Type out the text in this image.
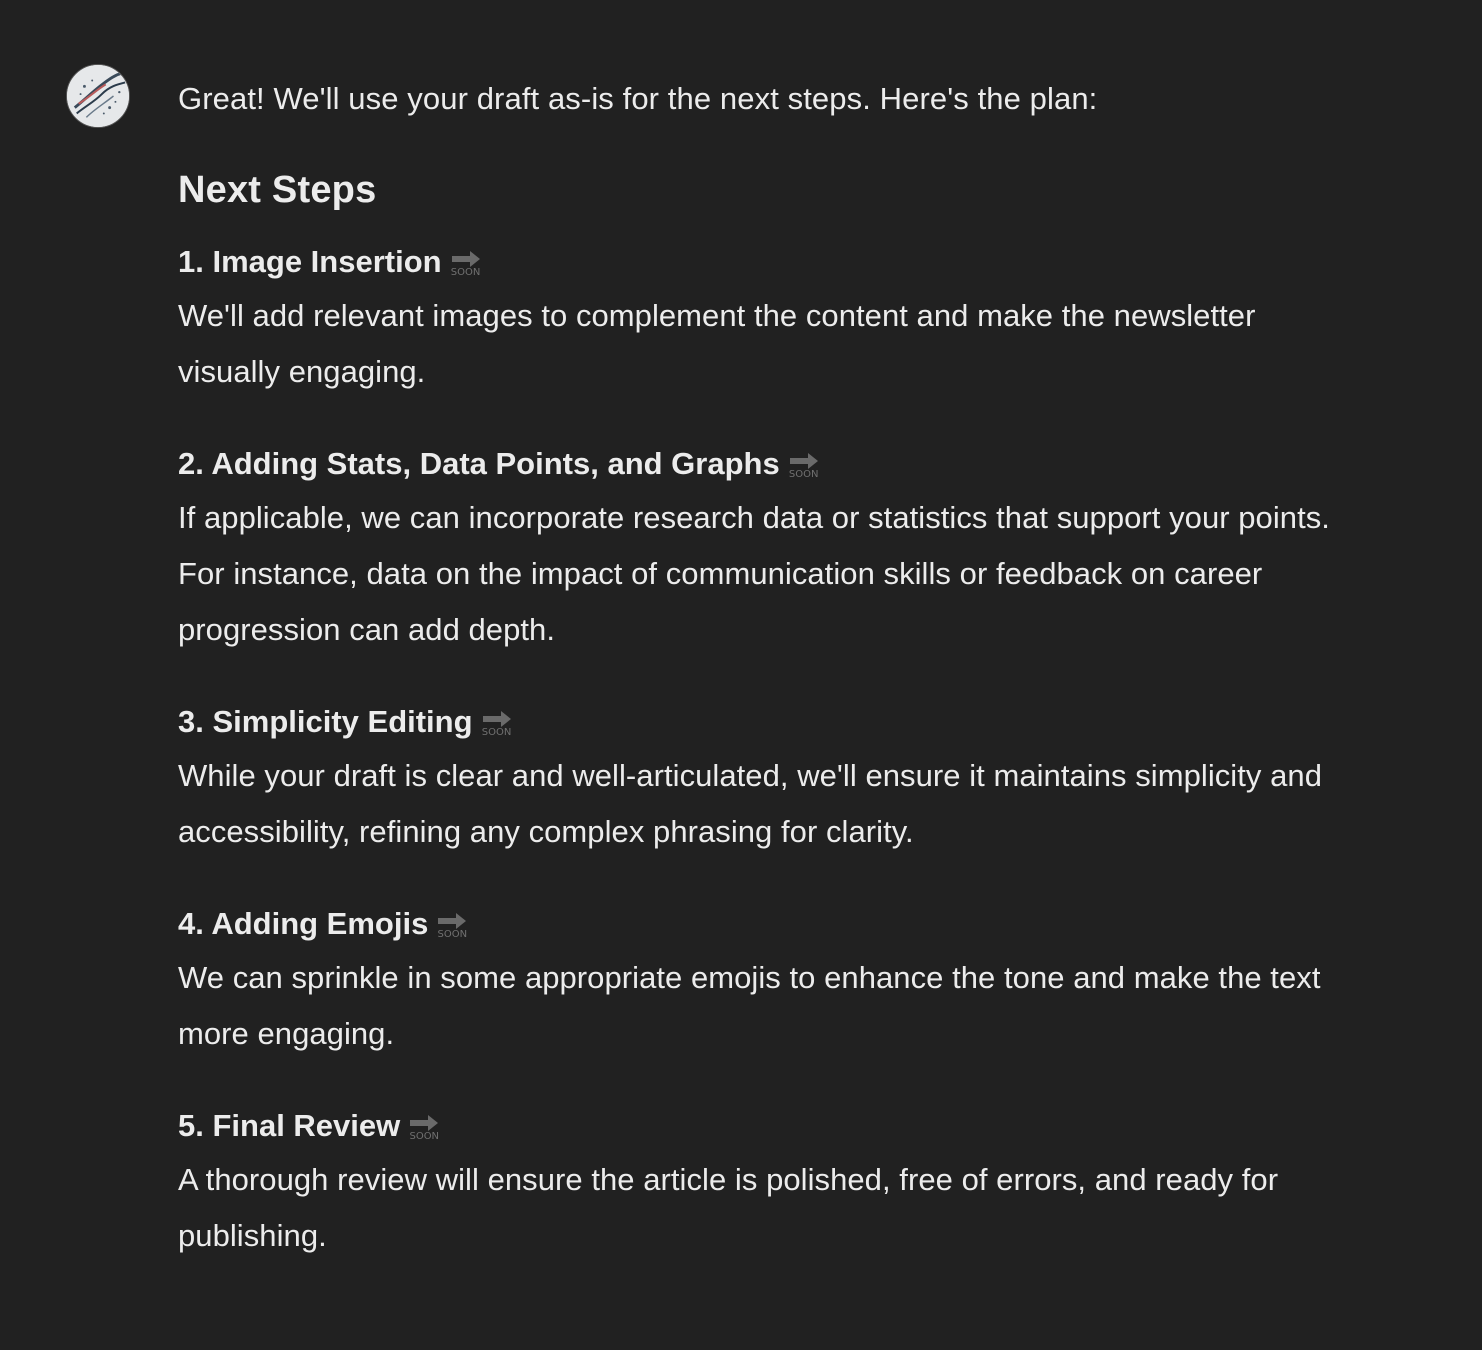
Great! We'll use your draft as-is for the next steps. Here's the plan:

Next Steps
1. Image Insertion SOON

We'll add relevant images to complement the content and make the newsletter visually engaging.

2. Adding Stats, Data Points, and Graphs SOON

If applicable, we can incorporate research data or statistics that support your points. For instance, data on the impact of communication skills or feedback on career progression can add depth.

3. Simplicity Editing SOON

While your draft is clear and well-articulated, we'll ensure it maintains simplicity and accessibility, refining any complex phrasing for clarity.

4. Adding Emojis SOON

We can sprinkle in some appropriate emojis to enhance the tone and make the text more engaging.

5. Final Review SOON

A thorough review will ensure the article is polished, free of errors, and ready for publishing.
